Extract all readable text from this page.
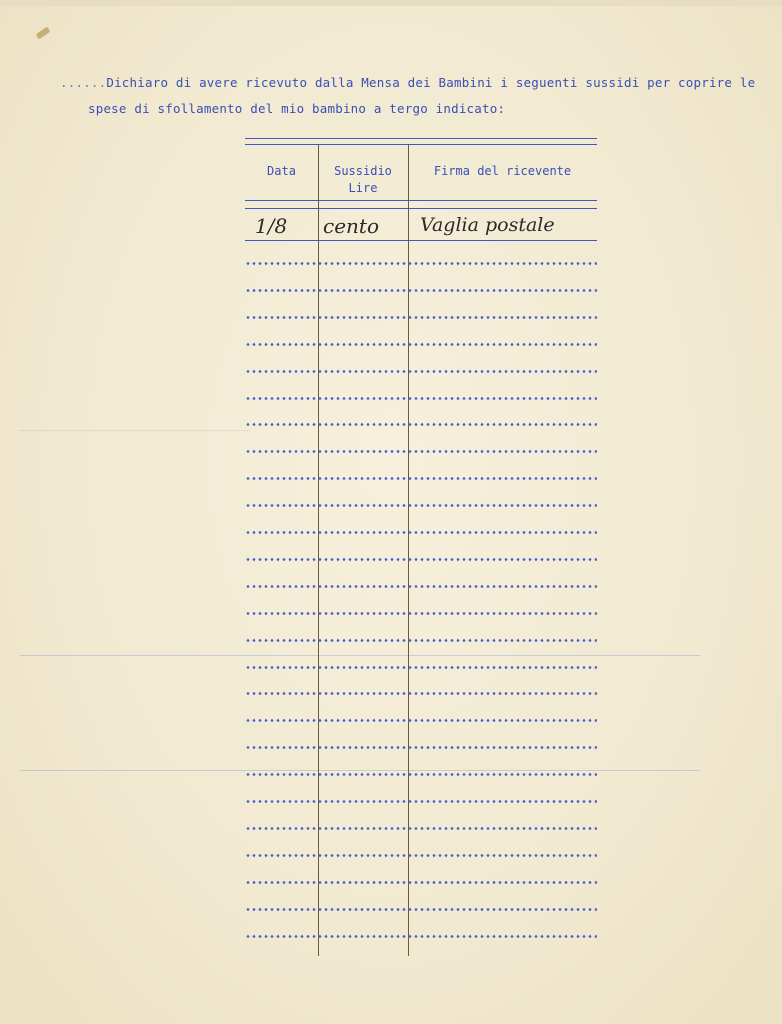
......Dichiaro di avere ricevuto dalla Mensa dei Bambini i seguenti sussidi per coprire le
spese di sfollamento del mio bambino a tergo indicato:
Data	Sussidio
Lire
Firma del ricevente
1/8 cento Vaglia postale
